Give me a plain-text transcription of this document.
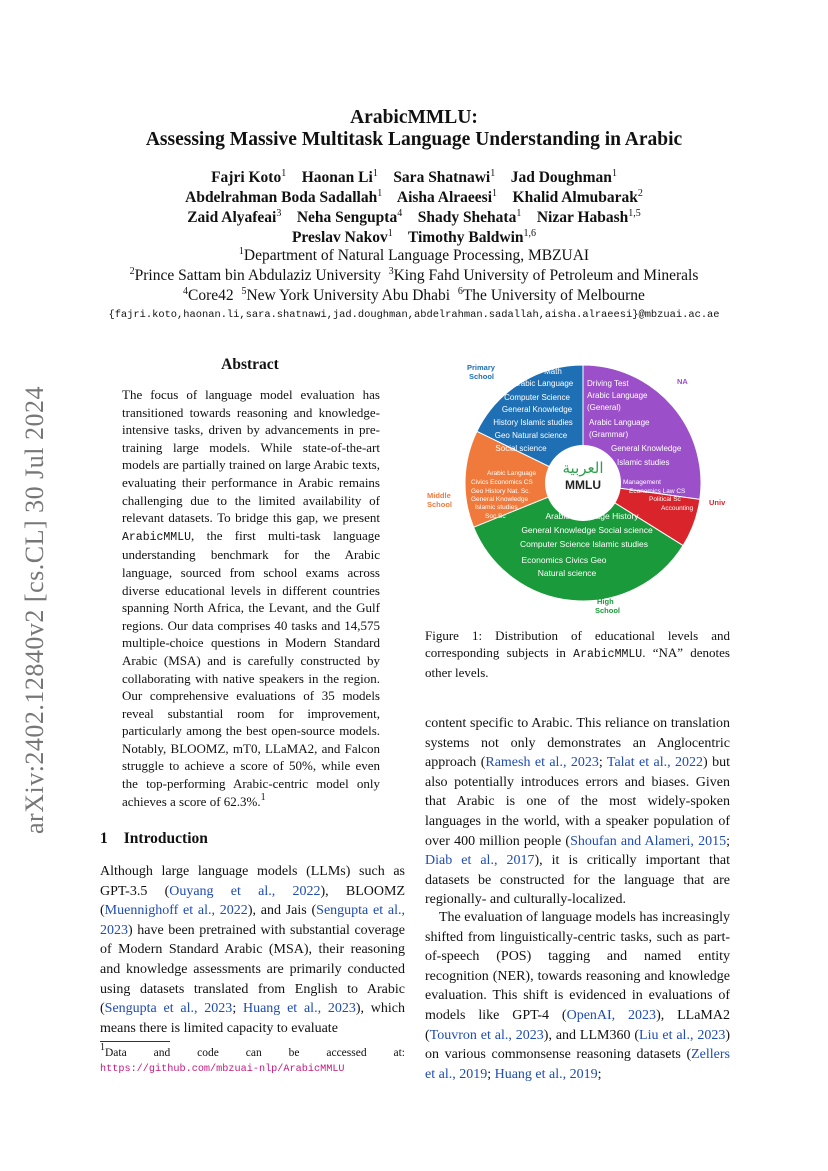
arXiv:2402.12840v2 [cs.CL] 30 Jul 2024
ArabicMMLU:
Assessing Massive Multitask Language Understanding in Arabic
Fajri Koto$^1$ Haonan Li$^1$ Sara Shatnawi$^1$ Jad Doughman$^1$
Abdelrahman Boda Sadallah$^1$ Aisha Alraeesi$^1$ Khalid Almubarak$^2$
Zaid Alyafeai$^3$ Neha Sengupta$^4$ Shady Shehata$^1$ Nizar Habash$^{1,5}$
Preslav Nakov$^1$ Timothy Baldwin$^{1,6}$
$^1$Department of Natural Language Processing, MBZUAI
$^2$Prince Sattam bin Abdulaziz University $^3$King Fahd University of Petroleum and Minerals
$^4$Core42 $^5$New York University Abu Dhabi $^6$The University of Melbourne
{fajri.koto,haonan.li,sara.shatnawi,jad.doughman,abdelrahman.sadallah,aisha.alraeesi}@mbzuai.ac.ae
Abstract
The focus of language model evaluation has transitioned towards reasoning and knowledge-intensive tasks, driven by advancements in pre-training large models. While state-of-the-art models are partially trained on large Arabic texts, evaluating their performance in Arabic remains challenging due to the limited availability of relevant datasets. To bridge this gap, we present ArabicMMLU, the first multi-task language understanding benchmark for the Arabic language, sourced from school exams across diverse educational levels in different countries spanning North Africa, the Levant, and the Gulf regions. Our data comprises 40 tasks and 14,575 multiple-choice questions in Modern Standard Arabic (MSA) and is carefully constructed by collaborating with native speakers in the region. Our comprehensive evaluations of 35 models reveal substantial room for improvement, particularly among the best open-source models. Notably, BLOOMZ, mT0, LLaMA2, and Falcon struggle to achieve a score of 50%, while even the top-performing Arabic-centric model only achieves a score of 62.3%.$^1$
1 Introduction
Although large language models (LLMs) such as GPT-3.5 (Ouyang et al., 2022), BLOOMZ (Muennighoff et al., 2022), and Jais (Sengupta et al., 2023) have been pretrained with substantial coverage of Modern Standard Arabic (MSA), their reasoning and knowledge assessments are primarily conducted using datasets translated from English to Arabic (Sengupta et al., 2023; Huang et al., 2023), which means there is limited capacity to evaluate
$^1$Data and code can be accessed at: https://github.com/mbzuai-nlp/ArabicMMLU
العربية
MMLU
Primary
School
NA
Univ
Middle
School
High
School
Math
Arabic Language
Computer Science
General Knowledge
History Islamic studies
Geo Natural science
Social science
Driving Test
Arabic Language
(General)
Arabic Language
(Grammar)
General Knowledge
Islamic studies
Management
Economics Law CS
Political Sc
Accounting
Arabic Language
Civics Economics CS
Geo History Nat. Sc.
General Knowledge
Islamic studies
Soc Sc	Arabic Language History
General Knowledge Social science
Computer Science Islamic studies
Economics Civics Geo
Natural science
Figure 1: Distribution of educational levels and corresponding subjects in ArabicMMLU. “NA” denotes other levels.
content specific to Arabic. This reliance on translation systems not only demonstrates an Anglocentric approach (Ramesh et al., 2023; Talat et al., 2022) but also potentially introduces errors and biases. Given that Arabic is one of the most widely-spoken languages in the world, with a speaker population of over 400 million people (Shoufan and Alameri, 2015; Diab et al., 2017), it is critically important that datasets be constructed for the language that are regionally- and culturally-localized.
The evaluation of language models has increasingly shifted from linguistically-centric tasks, such as part-of-speech (POS) tagging and named entity recognition (NER), towards reasoning and knowledge evaluation. This shift is evidenced in evaluations of models like GPT-4 (OpenAI, 2023), LLaMA2 (Touvron et al., 2023), and LLM360 (Liu et al., 2023) on various commonsense reasoning datasets (Zellers et al., 2019; Huang et al., 2019;
